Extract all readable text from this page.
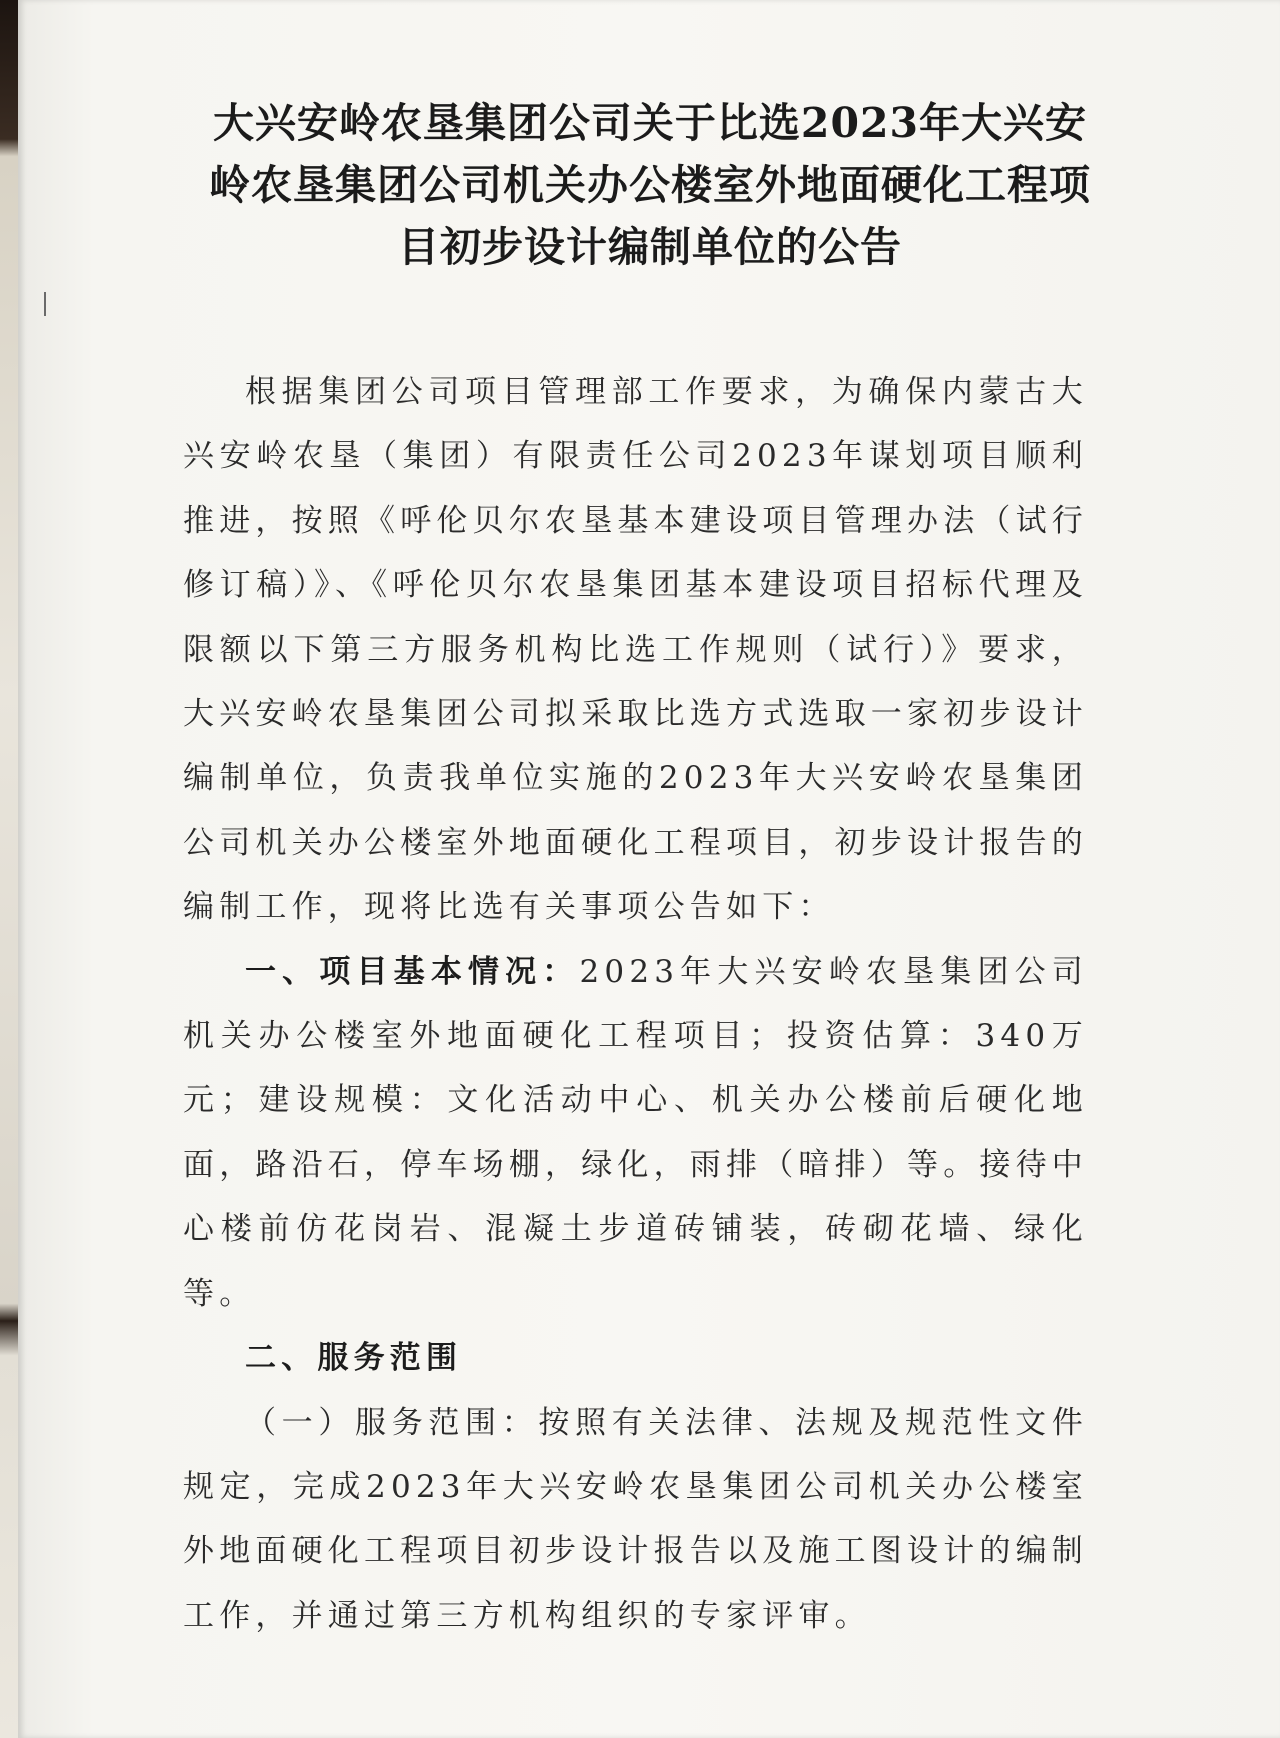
大兴安岭农垦集团公司关于比选2023年大兴安岭农垦集团公司机关办公楼室外地面硬化工程项目初步设计编制单位的公告

根据集团公司项目管理部工作要求，为确保内蒙古大兴安岭农垦（集团）有限责任公司2023年谋划项目顺利推进，按照《呼伦贝尔农垦基本建设项目管理办法（试行修订稿）》、《呼伦贝尔农垦集团基本建设项目招标代理及限额以下第三方服务机构比选工作规则（试行）》要求，大兴安岭农垦集团公司拟采取比选方式选取一家初步设计编制单位，负责我单位实施的2023年大兴安岭农垦集团公司机关办公楼室外地面硬化工程项目，初步设计报告的编制工作，现将比选有关事项公告如下：

一、项目基本情况：2023年大兴安岭农垦集团公司机关办公楼室外地面硬化工程项目；投资估算：340万元；建设规模：文化活动中心、机关办公楼前后硬化地面，路沿石，停车场棚，绿化，雨排（暗排）等。接待中心楼前仿花岗岩、混凝土步道砖铺装，砖砌花墙、绿化等。

二、服务范围

（一）服务范围：按照有关法律、法规及规范性文件规定，完成2023年大兴安岭农垦集团公司机关办公楼室外地面硬化工程项目初步设计报告以及施工图设计的编制工作，并通过第三方机构组织的专家评审。
